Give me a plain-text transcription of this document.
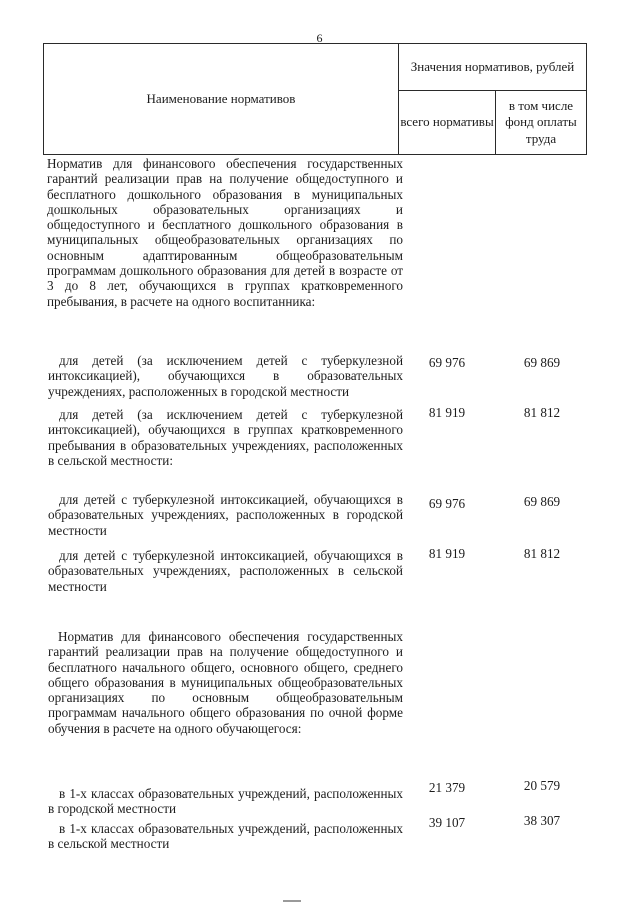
6
Наименование нормативов
Значения нормативов, рублей
всего нормативы
в том числе фонд оплаты труда

Норматив для финансового обеспечения государственных гарантий реализации прав на получение общедоступного и бесплатного дошкольного образования в муниципальных дошкольных образовательных организациях и общедоступного и бесплатного дошкольного образования в муниципальных общеобразовательных организациях по основным адаптированным общеобразовательным программам дошкольного образования для детей в возрасте от 3 до 8 лет, обучающихся в группах кратковременного пребывания, в расчете на одного воспитанника:

для детей (за исключением детей с туберкулезной интоксикацией), обучающихся в образовательных учреждениях, расположенных в городской местности

69 976	69 869

для детей (за исключением детей с туберкулезной интоксикацией), обучающихся в группах кратковременного пребывания в образовательных учреждениях, расположенных в сельской местности:

81 919	81 812

для детей с туберкулезной интоксикацией, обучающихся в образовательных учреждениях, расположенных в городской местности

69 976	69 869

для детей с туберкулезной интоксикацией, обучающихся в образовательных учреждениях, расположенных в сельской местности

81 919	81 812

Норматив для финансового обеспечения государственных гарантий реализации прав на получение общедоступного и бесплатного начального общего, основного общего, среднего общего образования в муниципальных общеобразовательных организациях по основным общеобразовательным программам начального общего образования по очной форме обучения в расчете на одного обучающегося:

в 1-х классах образовательных учреждений, расположенных в городской местности

21 379	20 579

в 1-х классах образовательных учреждений, расположенных в сельской местности

39 107	38 307
